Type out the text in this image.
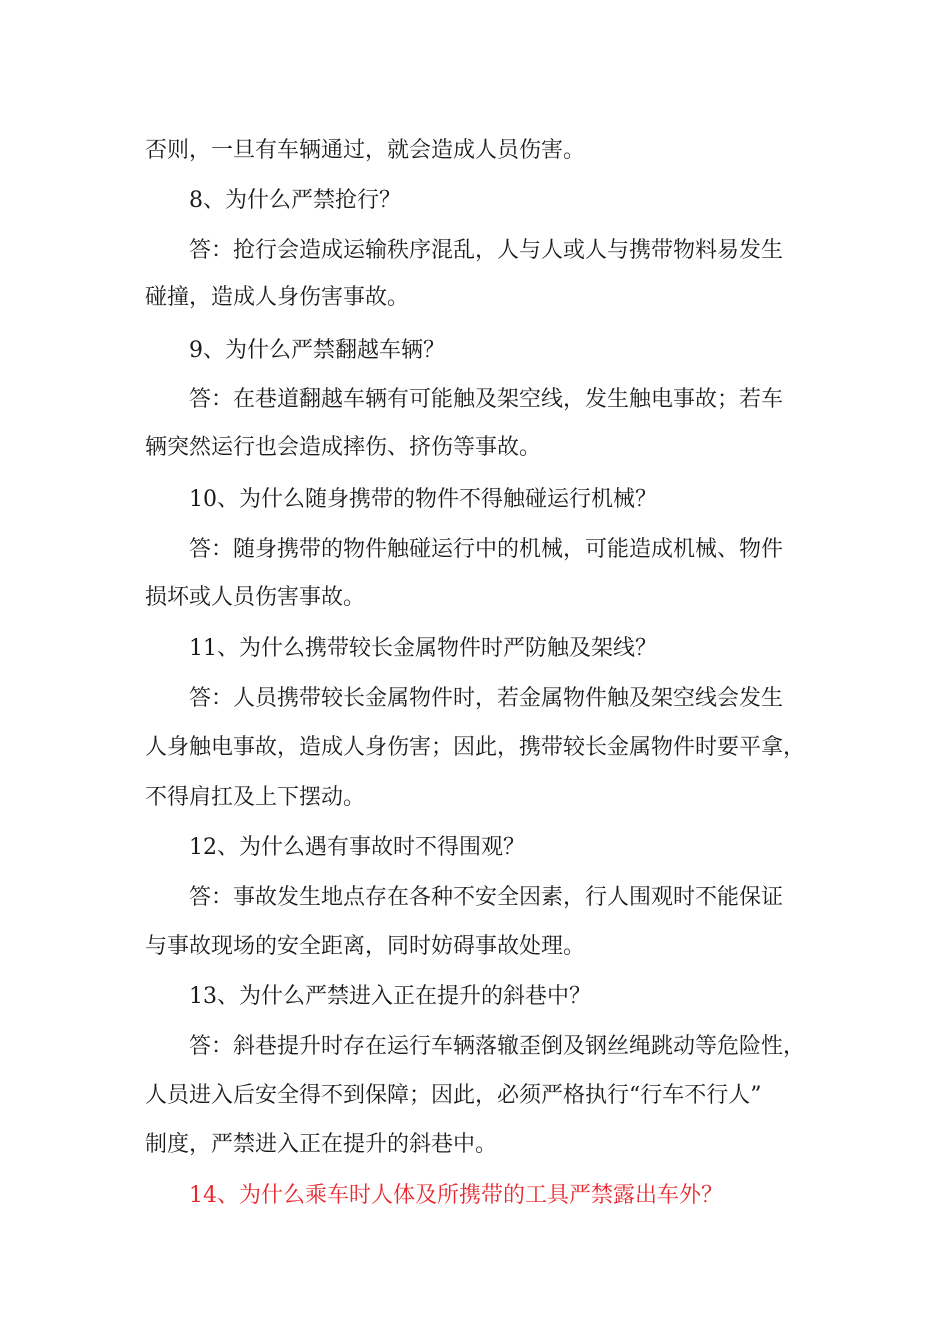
否则，一旦有车辆通过，就会造成人员伤害。
8、为什么严禁抢行？
答：抢行会造成运输秩序混乱，人与人或人与携带物料易发生
碰撞，造成人身伤害事故。
9、为什么严禁翻越车辆？
答：在巷道翻越车辆有可能触及架空线，发生触电事故；若车
辆突然运行也会造成摔伤、挤伤等事故。
10、为什么随身携带的物件不得触碰运行机械？
答：随身携带的物件触碰运行中的机械，可能造成机械、物件
损坏或人员伤害事故。
11、为什么携带较长金属物件时严防触及架线？
答：人员携带较长金属物件时，若金属物件触及架空线会发生
人身触电事故，造成人身伤害；因此，携带较长金属物件时要平拿，
不得肩扛及上下摆动。
12、为什么遇有事故时不得围观？
答：事故发生地点存在各种不安全因素，行人围观时不能保证
与事故现场的安全距离，同时妨碍事故处理。
13、为什么严禁进入正在提升的斜巷中？
答：斜巷提升时存在运行车辆落辙歪倒及钢丝绳跳动等危险性，
人员进入后安全得不到保障；因此，必须严格执行“行车不行人”
制度，严禁进入正在提升的斜巷中。
14、为什么乘车时人体及所携带的工具严禁露出车外？
